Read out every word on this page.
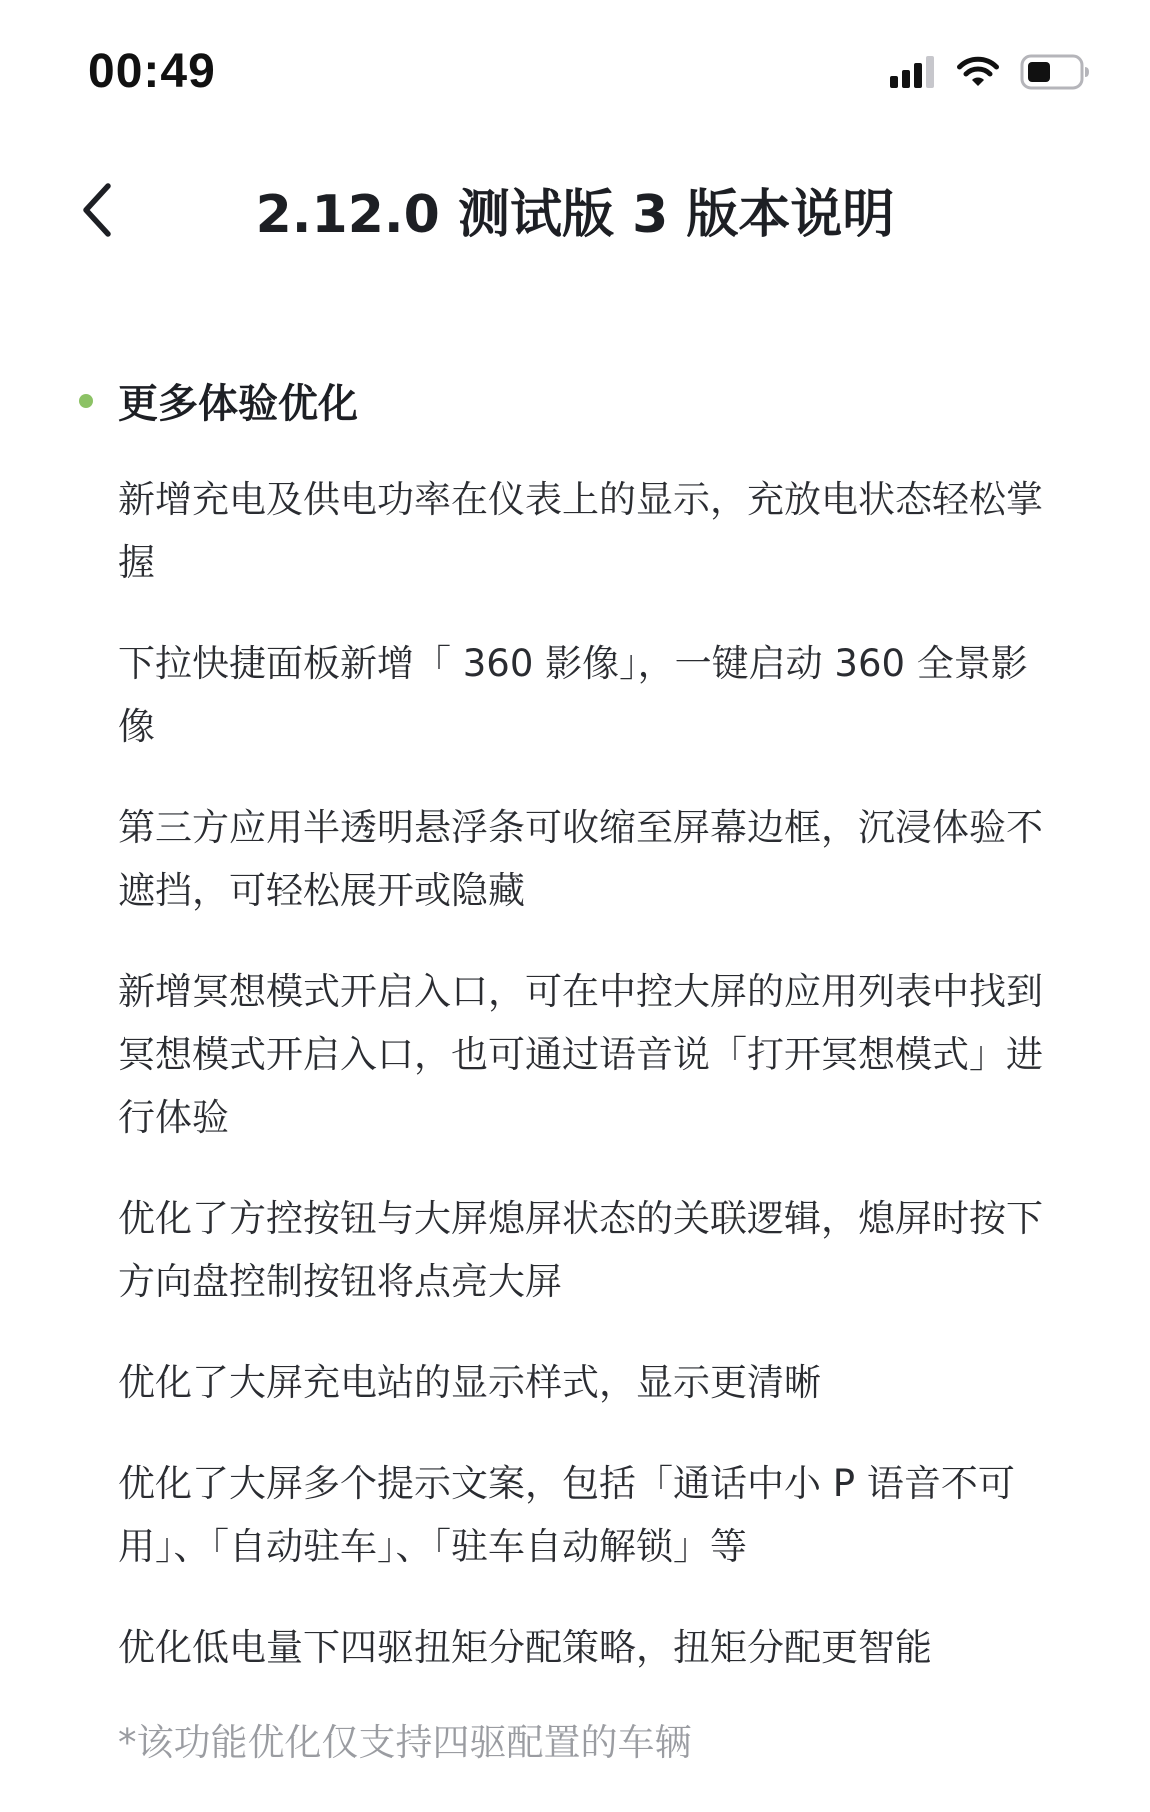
00:49
2.12.0 测试版 3 版本说明
更多体验优化
新增充电及供电功率在仪表上的显示，充放电状态轻松掌握
下拉快捷面板新增「 360 影像」，一键启动 360 全景影像
第三方应用半透明悬浮条可收缩至屏幕边框，沉浸体验不遮挡，可轻松展开或隐藏
新增冥想模式开启入口，可在中控大屏的应用列表中找到冥想模式开启入口，也可通过语音说「打开冥想模式」进行体验
优化了方控按钮与大屏熄屏状态的关联逻辑，熄屏时按下方向盘控制按钮将点亮大屏
优化了大屏充电站的显示样式，显示更清晰
优化了大屏多个提示文案，包括「通话中小 P 语音不可用」、「自动驻车」、「驻车自动解锁」等
优化低电量下四驱扭矩分配策略，扭矩分配更智能
*该功能优化仅支持四驱配置的车辆
